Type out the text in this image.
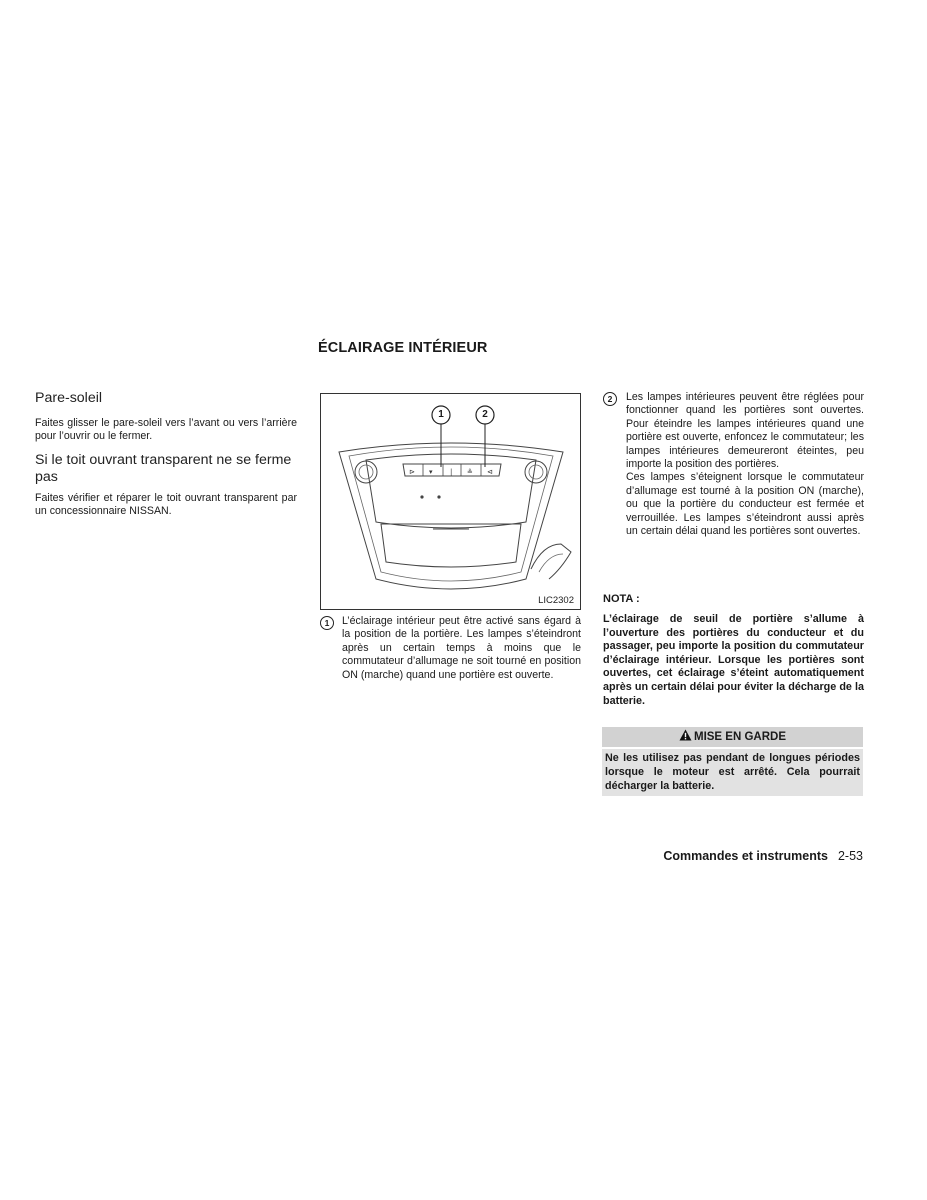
ÉCLAIRAGE INTÉRIEUR
Pare-soleil

Faites glisser le pare-soleil vers l’avant ou vers l’arrière pour l’ouvrir ou le fermer.

Si le toit ouvrant transparent ne se ferme pas

Faites vérifier et réparer le toit ouvrant transparent par un concessionnaire NISSAN.

⊳ ▾ | ≗ ⊲
1	2
LIC2302
1	L’éclairage intérieur peut être activé sans égard à la position de la portière. Les lampes s’éteindront après un certain temps à moins que le commutateur d’allumage ne soit tourné en position ON (marche) quand une portière est ouverte.
2	Les lampes intérieures peuvent être réglées pour fonctionner quand les portières sont ouvertes. Pour éteindre les lampes intérieures quand une portière est ouverte, enfoncez le commutateur; les lampes intérieures demeureront éteintes, peu importe la position des portières.
Ces lampes s’éteignent lorsque le commutateur d’allumage est tourné à la position ON (marche), ou que la portière du conducteur est fermée et verrouillée. Les lampes s’éteindront aussi après un certain délai quand les portières sont ouvertes.
NOTA :
L’éclairage de seuil de portière s’allume à l’ouverture des portières du conducteur et du passager, peu importe la position du commutateur d’éclairage intérieur. Lorsque les portières sont ouvertes, cet éclairage s’éteint automatiquement après un certain délai pour éviter la décharge de la batterie.
MISE EN GARDE
Ne les utilisez pas pendant de longues périodes lorsque le moteur est arrêté. Cela pourrait décharger la batterie.
Commandes et instruments 2-53
